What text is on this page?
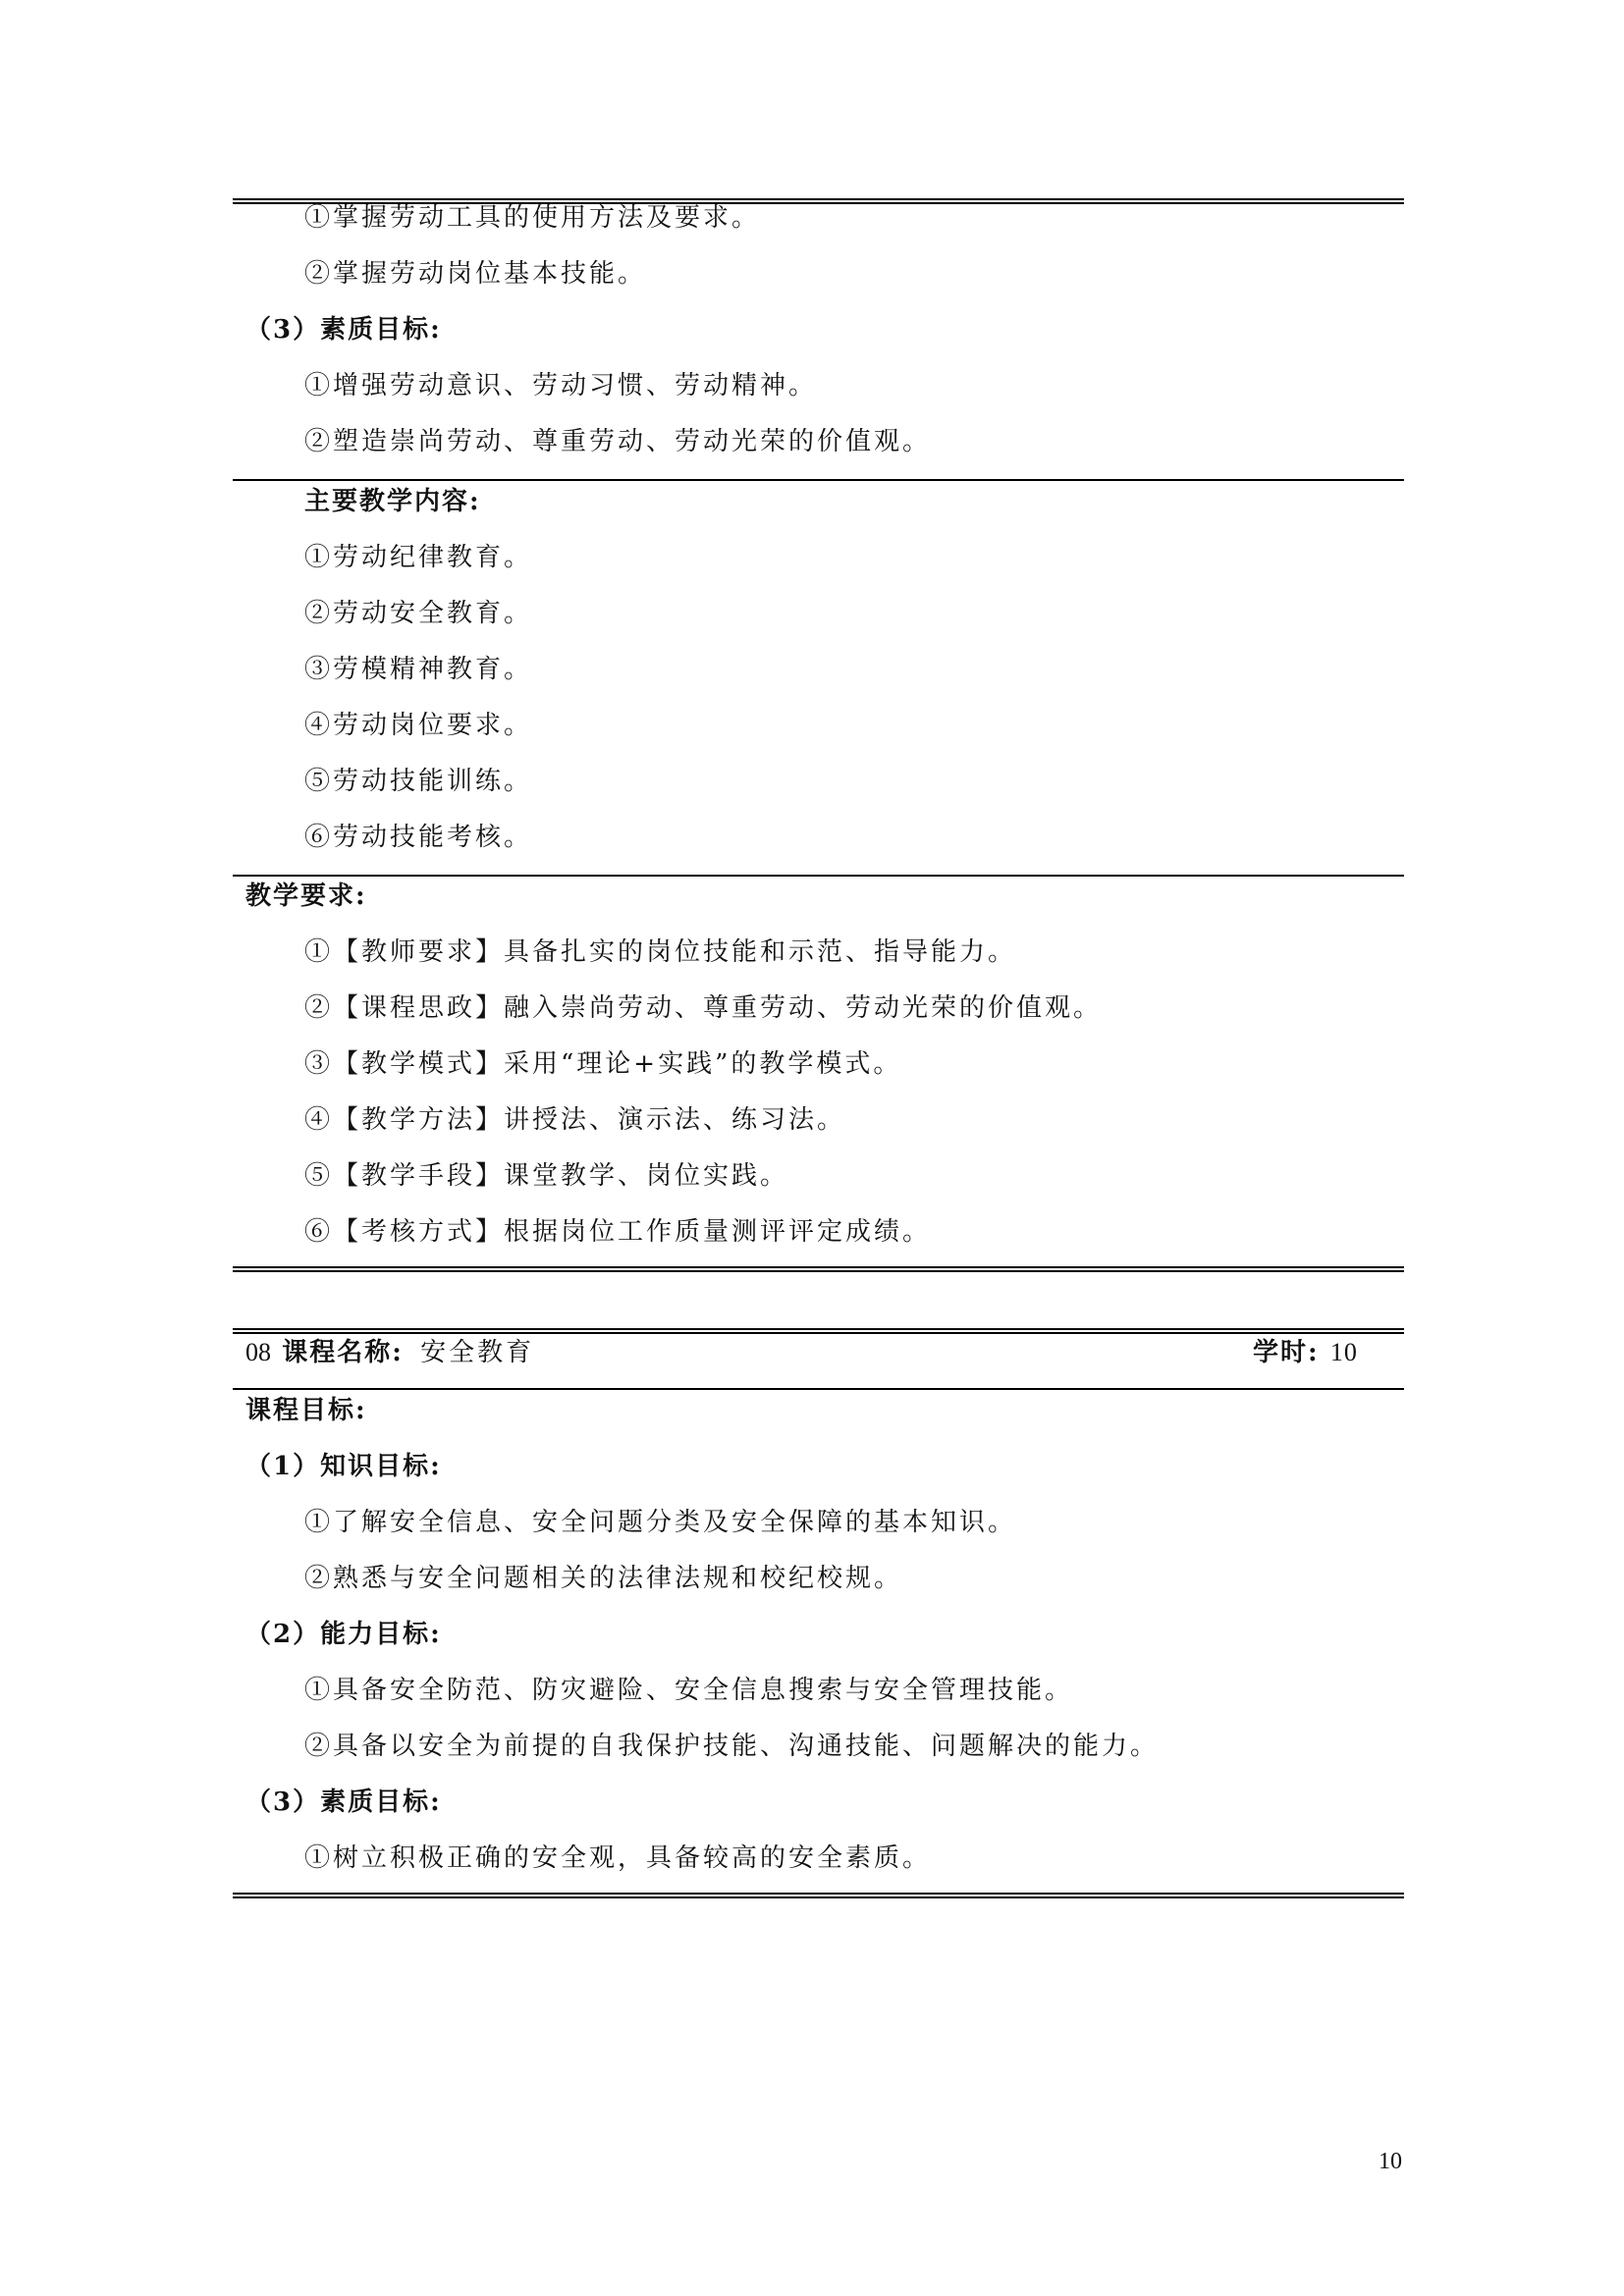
①掌握劳动工具的使用方法及要求。
②掌握劳动岗位基本技能。
（3）素质目标:
①增强劳动意识、劳动习惯、劳动精神。
②塑造崇尚劳动、尊重劳动、劳动光荣的价值观。
主要教学内容:
①劳动纪律教育。
②劳动安全教育。
③劳模精神教育。
④劳动岗位要求。
⑤劳动技能训练。
⑥劳动技能考核。
教学要求:
①【教师要求】具备扎实的岗位技能和示范、指导能力。
②【课程思政】融入崇尚劳动、尊重劳动、劳动光荣的价值观。
③【教学模式】采用“理论+实践”的教学模式。
④【教学方法】讲授法、演示法、练习法。
⑤【教学手段】课堂教学、岗位实践。
⑥【考核方式】根据岗位工作质量测评评定成绩。
08 课程名称: 安全教育	学时: 10
课程目标:
（1）知识目标:
①了解安全信息、安全问题分类及安全保障的基本知识。
②熟悉与安全问题相关的法律法规和校纪校规。
（2）能力目标:
①具备安全防范、防灾避险、安全信息搜索与安全管理技能。
②具备以安全为前提的自我保护技能、沟通技能、问题解决的能力。
（3）素质目标:
①树立积极正确的安全观，具备较高的安全素质。
10
